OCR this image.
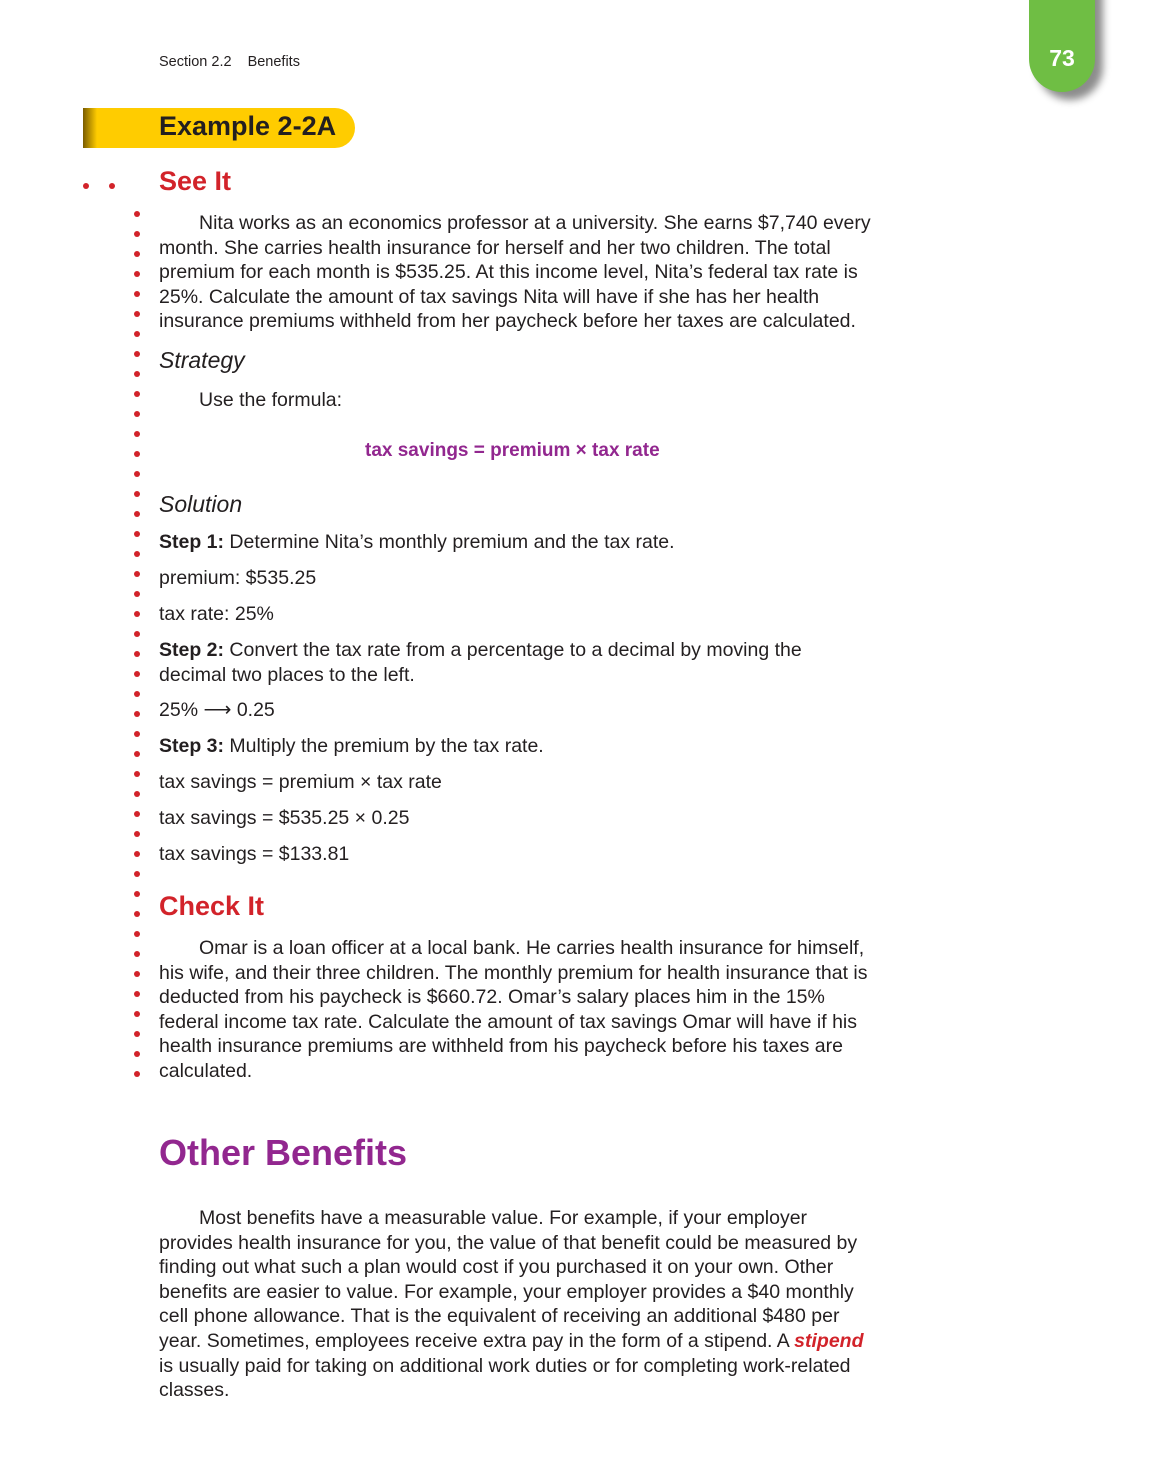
Section 2.2 Benefits	73
Example 2-2A
See It
Nita works as an economics professor at a university. She earns $7,740 every month. She carries health insurance for herself and her two children. The total premium for each month is $535.25. At this income level, Nita’s federal tax rate is 25%. Calculate the amount of tax savings Nita will have if she has her health insurance premiums withheld from her paycheck before her taxes are calculated.
Strategy
Use the formula:
tax savings = premium × tax rate
Solution
Step 1: Determine Nita’s monthly premium and the tax rate.
premium: $535.25
tax rate: 25%
Step 2: Convert the tax rate from a percentage to a decimal by moving the decimal two places to the left.
25% ⟶ 0.25
Step 3: Multiply the premium by the tax rate.
tax savings = premium × tax rate
tax savings = $535.25 × 0.25
tax savings = $133.81
Check It
Omar is a loan officer at a local bank. He carries health insurance for himself, his wife, and their three children. The monthly premium for health insurance that is deducted from his paycheck is $660.72. Omar’s salary places him in the 15% federal income tax rate. Calculate the amount of tax savings Omar will have if his health insurance premiums are withheld from his paycheck before his taxes are calculated.
Other Benefits
Most benefits have a measurable value. For example, if your employer provides health insurance for you, the value of that benefit could be measured by finding out what such a plan would cost if you purchased it on your own. Other benefits are easier to value. For example, your employer provides a $40 monthly cell phone allowance. That is the equivalent of receiving an additional $480 per year. Sometimes, employees receive extra pay in the form of a stipend. A stipend is usually paid for taking on additional work duties or for completing work-related classes.
